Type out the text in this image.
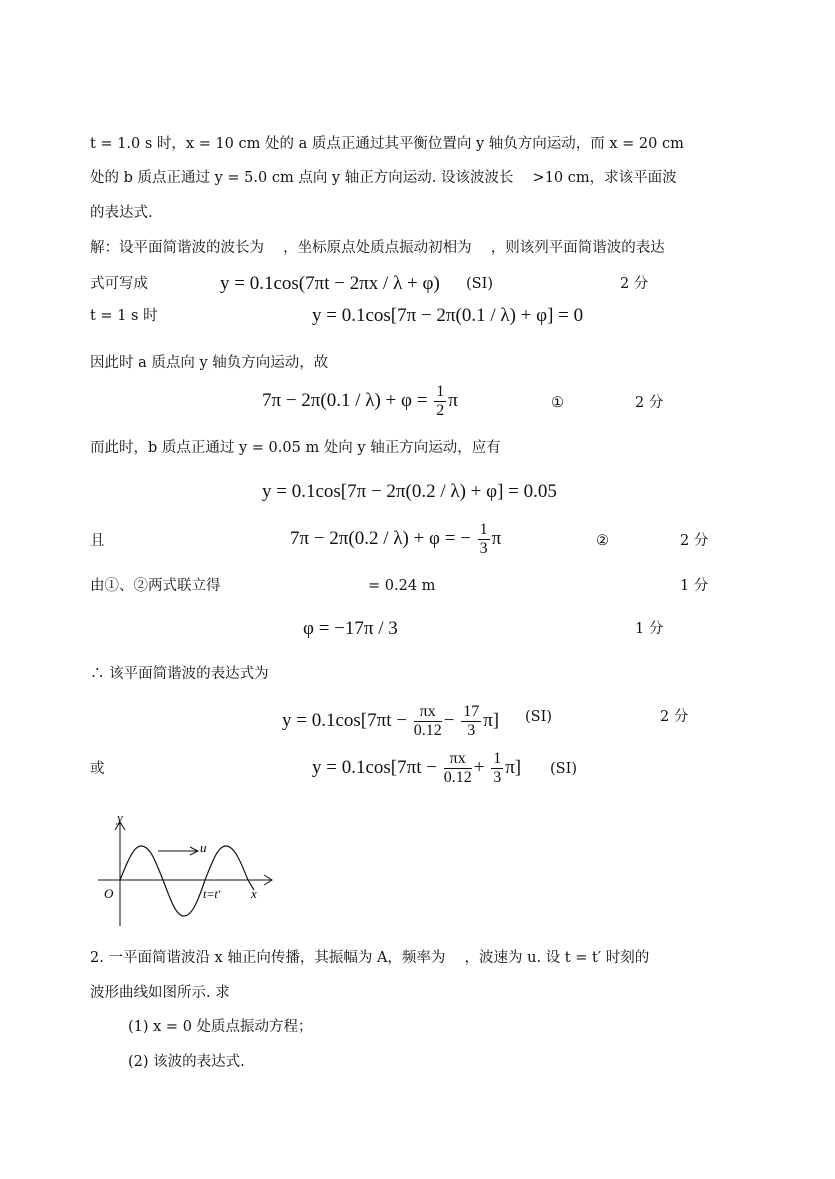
t = 1.0 s 时，x = 10 cm 处的 a 质点正通过其平衡位置向 y 轴负方向运动，而 x = 20 cm
处的 b 质点正通过 y = 5.0 cm 点向 y 轴正方向运动. 设该波波长 　>10 cm，求该平面波
的表达式.
解：设平面简谐波的波长为 　，坐标原点处质点振动初相为 　，则该列平面简谐波的表达
式可写成	y = 0.1cos(7πt − 2πx / λ + φ) (SI)	2 分
t = 1 s 时	y = 0.1cos[7π − 2π(0.1 / λ) + φ] = 0
因此时 a 质点向 y 轴负方向运动，故
$7\pi - 2\pi(0.1 / \lambda) + \varphi = \frac{1}{2}$ π	①	2 分
而此时，b 质点正通过 y = 0.05 m 处向 y 轴正方向运动，应有
y = 0.1cos[7π − 2π(0.2 / λ) + φ] = 0.05
且	7π − 2π(0.2 / λ) + φ = − $\frac{1}{3}$ π	②	2 分
由①、②两式联立得	= 0.24 m	1 分
φ = −17π / 3	1 分
∴ 该平面简谐波的表达式为
$y = 0.1\cos[7\pi t - \frac{\pi x}{0.12} - \frac{17}{3} \pi]$ (SI)	2 分
或	$y = 0.1\cos[7\pi t - \frac{\pi x}{0.12} + \frac{1}{3} \pi]$ (SI)
y
x
O
u
t=t′
2. 一平面简谐波沿 x 轴正向传播，其振幅为 A，频率为 　，波速为 u. 设 t = t′ 时刻的
波形曲线如图所示. 求
(1) x = 0 处质点振动方程；
(2) 该波的表达式.
